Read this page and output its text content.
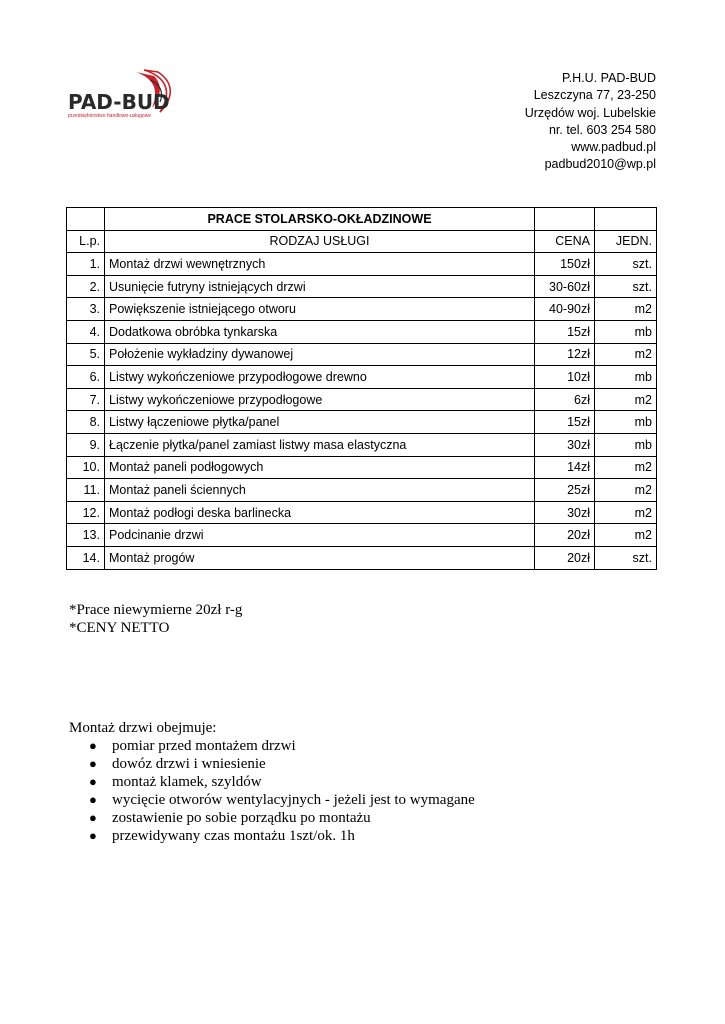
PAD-BUD
przedsiębiorstwo handlowo-usługowe
P.H.U. PAD-BUD
Leszczyna 77, 23-250
Urzędów woj. Lubelskie
nr. tel. 603 254 580
www.padbud.pl
padbud2010@wp.pl
	PRACE STOLARSKO-OKŁADZINOWE		
L.p.	RODZAJ USŁUGI	CENA	JEDN.
1.	Montaż drzwi wewnętrznych	150zł	szt.
2.	Usunięcie futryny istniejących drzwi	30-60zł	szt.
3.	Powiększenie istniejącego otworu	40-90zł	m2
4.	Dodatkowa obróbka tynkarska	15zł	mb
5.	Położenie wykładziny dywanowej	12zł	m2
6.	Listwy wykończeniowe przypodłogowe drewno	10zł	mb
7.	Listwy wykończeniowe przypodłogowe	6zł	m2
8.	Listwy łączeniowe płytka/panel	15zł	mb
9.	Łączenie płytka/panel zamiast listwy masa elastyczna	30zł	mb
10.	Montaż paneli podłogowych	14zł	m2
11.	Montaż paneli ściennych	25zł	m2
12.	Montaż podłogi deska barlinecka	30zł	m2
13.	Podcinanie drzwi	20zł	m2
14.	Montaż progów	20zł	szt.
*Prace niewymierne 20zł r-g
*CENY NETTO
Montaż drzwi obejmuje:
● pomiar przed montażem drzwi
● dowóz drzwi i wniesienie
● montaż klamek, szyldów
● wycięcie otworów wentylacyjnych - jeżeli jest to wymagane
● zostawienie po sobie porządku po montażu
● przewidywany czas montażu 1szt/ok. 1h
